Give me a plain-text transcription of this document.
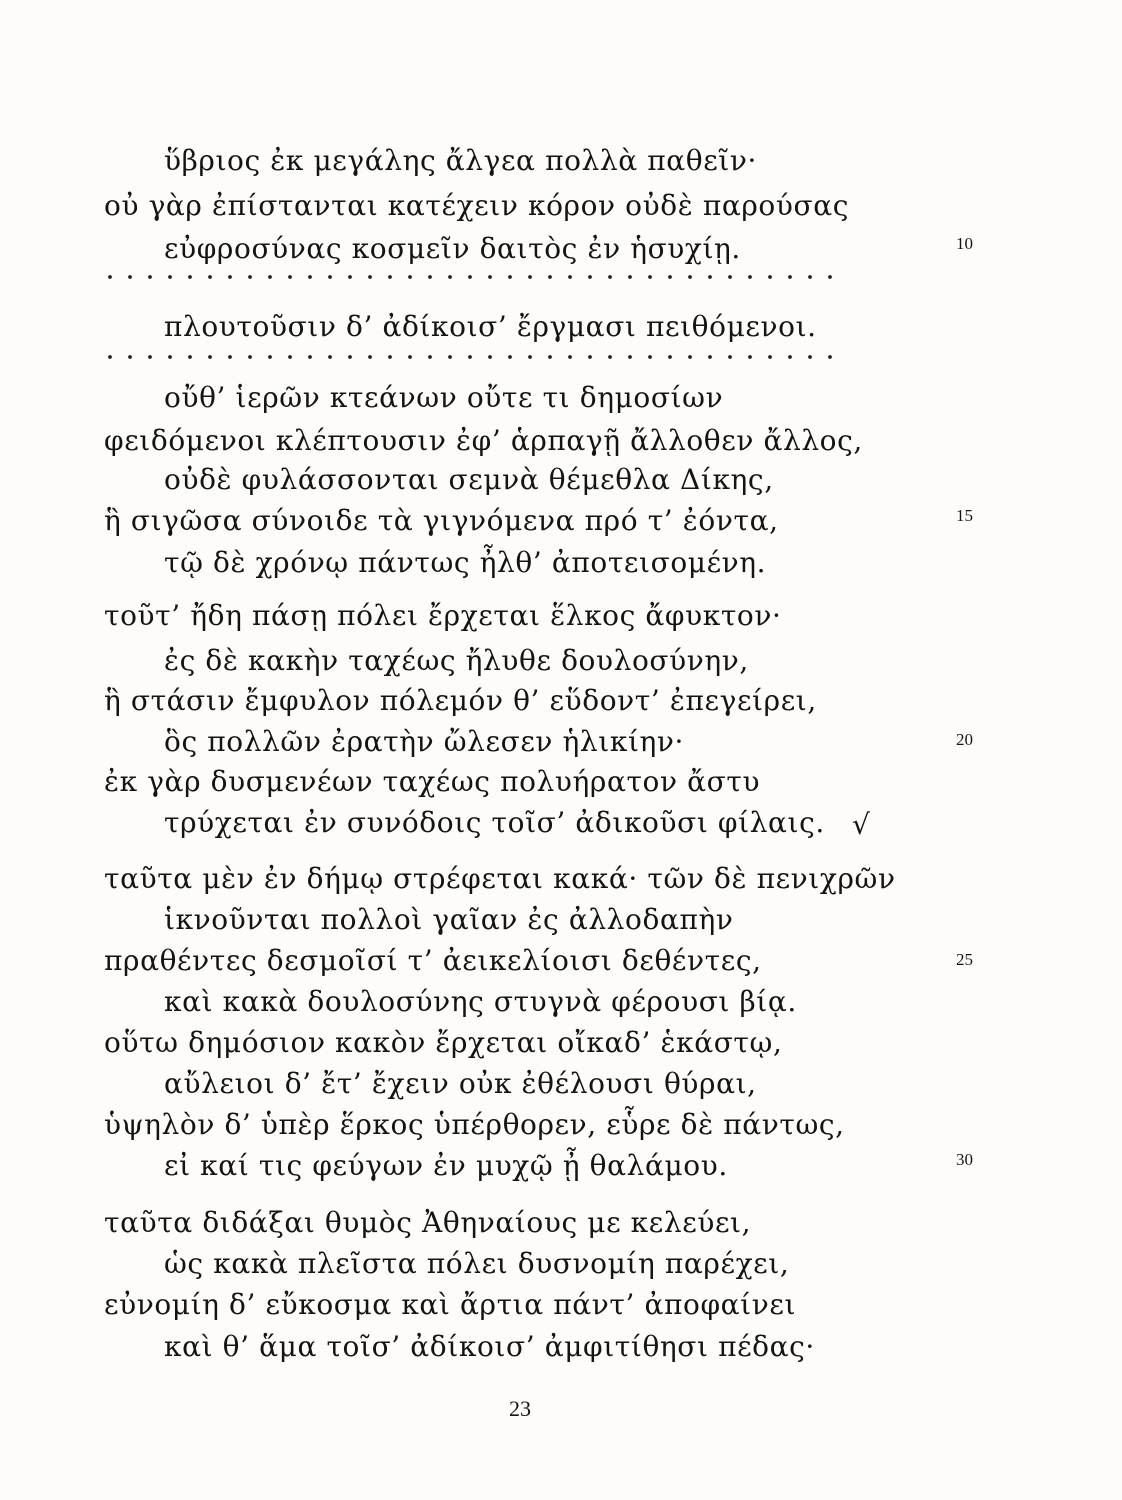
ὕβριος ἐκ μεγάλης ἄλγεα πολλὰ παθεῖν·
οὐ γὰρ ἐπίστανται κατέχειν κόρον οὐδὲ παρούσας
εὐφροσύνας κοσμεῖν δαιτὸς ἐν ἡσυχίῃ.
πλουτοῦσιν δ’ ἀδίκοισ’ ἔργμασι πειθόμενοι.
οὔθ’ ἱερῶν κτεάνων οὔτε τι δημοσίων
φειδόμενοι κλέπτουσιν ἐφ’ ἁρπαγῇ ἄλλοθεν ἄλλος,
οὐδὲ φυλάσσονται σεμνὰ θέμεθλα Δίκης,
ἣ σιγῶσα σύνοιδε τὰ γιγνόμενα πρό τ’ ἐόντα,
τῷ δὲ χρόνῳ πάντως ἦλθ’ ἀποτεισομένη.
τοῦτ’ ἤδη πάσῃ πόλει ἔρχεται ἕλκος ἄφυκτον·
ἐς δὲ κακὴν ταχέως ἤλυθε δουλοσύνην,
ἣ στάσιν ἔμφυλον πόλεμόν θ’ εὕδοντ’ ἐπεγείρει,
ὃς πολλῶν ἐρατὴν ὤλεσεν ἡλικίην·
ἐκ γὰρ δυσμενέων ταχέως πολυήρατον ἄστυ
τρύχεται ἐν συνόδοις τοῖσ’ ἀδικοῦσι φίλαις.
ταῦτα μὲν ἐν δήμῳ στρέφεται κακά· τῶν δὲ πενιχρῶν
ἱκνοῦνται πολλοὶ γαῖαν ἐς ἀλλοδαπὴν
πραθέντες δεσμοῖσί τ’ ἀεικελίοισι δεθέντες,
καὶ κακὰ δουλοσύνης στυγνὰ φέρουσι βίᾳ.
οὕτω δημόσιον κακὸν ἔρχεται οἴκαδ’ ἑκάστῳ,
αὔλειοι δ’ ἔτ’ ἔχειν οὐκ ἐθέλουσι θύραι,
ὑψηλὸν δ’ ὑπὲρ ἕρκος ὑπέρθορεν, εὗρε δὲ πάντως,
εἰ καί τις φεύγων ἐν μυχῷ ᾖ θαλάμου.
ταῦτα διδάξαι θυμὸς Ἀθηναίους με κελεύει,
ὡς κακὰ πλεῖστα πόλει δυσνομίη παρέχει,
εὐνομίη δ’ εὔκοσμα καὶ ἄρτια πάντ’ ἀποφαίνει
καὶ θ’ ἅμα τοῖσ’ ἀδίκοισ’ ἀμφιτίθησι πέδας·
√
10
15
20
25
30
23
